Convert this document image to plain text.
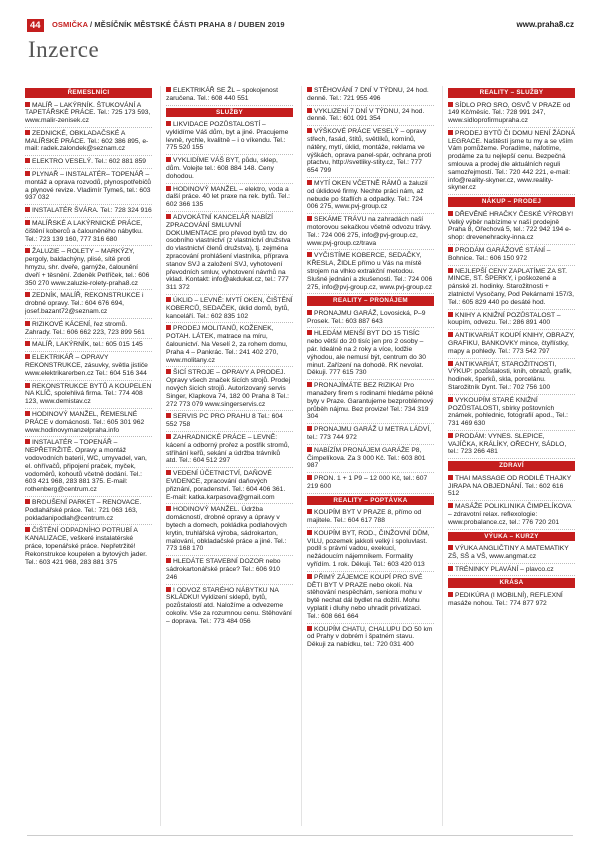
44	OSMIČKA / MĚSÍČNÍK MĚSTSKÉ ČÁSTI PRAHA 8 / DUBEN 2019	www.praha8.cz
Inzerce
ŘEMESLNÍCI
MALÍŘ – LAKÝRNÍK. ŠTUKOVÁNÍ A TAPETÁŘSKÉ PRÁCE. Tel.: 725 173 593, www.malir-zenisek.cz
ZEDNICKÉ, OBKLADAČSKÉ A MALÍŘSKÉ PRÁCE. Tel.: 602 386 895, e-mail: radek.zalondek@seznam.cz
ELEKTRO VESELÝ. Tel.: 602 881 859
PLYNAŘ – INSTALATÉR– TOPENÁŘ – montáž a oprava rozvodů, plynospotřebičů a plynové revize. Vladimír Tymeš, tel.: 603 937 032
INSTALATÉR ŠVÁRA. Tel.: 728 324 916
MALÍŘSKÉ A LAKÝRNICKÉ PRÁCE, čištění koberců a čalouněného nábytku. Tel.: 723 139 160, 777 316 680
ŽALUZIE – ROLETY – MARKÝZY, pergoly, baldachýny, plisé, sítě proti hmyzu, shr. dveře, garnýže, čalounění dveří + těsnění. Zdeněk Petříček, tel.: 606 350 270 www.zaluzie-rolety-praha8.cz
ZEDNÍK, MALÍŘ, REKONSTRUKCE i drobné opravy. Tel.: 604 676 694, josef.bazant72@seznam.cz
RIZIKOVÉ KÁCENÍ, řez stromů. Zahrady. Tel.: 606 662 223, 723 899 561
MALÍŘ, LAKÝRNÍK, tel.: 605 015 145
ELEKTRIKÁŘ – OPRAVY REKONSTRUKCE, zásuvky, světla jističe www.elektrikarerben.cz Tel.: 604 516 344
REKONSTRUKCE BYTŮ A KOUPELEN NA KLÍČ, spolehlivá firma. Tel.: 774 408 123, www.demistav.cz
HODINOVÝ MANŽEL, ŘEMESLNÉ PRÁCE v domácnosti. Tel.: 605 301 962 www.hodinovymanzelpraha.info
INSTALATÉR – TOPENÁŘ – NEPŘETRŽITĚ. Opravy a montáž vodovodních baterií, WC, umyvadel, van, el. ohřívačů, připojení praček, myček, vodoměrů, kohoutů včetně dodání. Tel.: 603 421 968, 283 881 375. E-mail: rothenberg@centrum.cz
BROUŠENÍ PARKET – RENOVACE. Podlahářské práce. Tel.: 721 063 163, pokladanipodlah@centrum.cz
ČIŠTĚNÍ ODPADNÍHO POTRUBÍ A KANALIZACE, veškeré instalatérské práce, topenářské práce. Nepřetržité! Rekonstrukce koupelen a bytových jader. Tel.: 603 421 968, 283 881 375
ELEKTRIKÁŘ SE ŽL – spokojenost zaručena. Tel.: 608 440 551
SLUŽBY
LIKVIDACE POZŮSTALOSTÍ – vyklidíme Váš dům, byt a jiné. Pracujeme levně, rychle, kvalitně – i o víkendu. Tel.: 775 520 155
VYKLIDÍME VÁŠ BYT, půdu, sklep, dům. Volejte tel.: 608 884 148. Ceny dohodou.
HODINOVÝ MANŽEL – elektro, voda a další práce. 40 let praxe na rek. bytů. Tel.: 602 366 135
ADVOKÁTNÍ KANCELÁŘ NABÍZÍ ZPRACOVÁNÍ SMLUVNÍ DOKUMENTACE pro převod bytů tzv. do osobního vlastnictví (z vlastnictví družstva do vlastnictví členů družstva), tj. zejména zpracování prohlášení vlastníka, příprava stanov SVJ a založení SVJ, vyhotovení převodních smluv, vyhotovení návrhů na vklad. Kontakt: info@akdukat.cz, tel.: 777 311 372
ÚKLID – LEVNĚ: MYTÍ OKEN, ČIŠTĚNÍ KOBERCŮ, SEDAČEK, úklid domů, bytů, kanceláří. Tel.: 602 835 102
PRODEJ MOLITANŮ, KOŽENEK, POTAH. LÁTEK, matrace na míru, čalounictví. Na Veselí 2, za rohem domu, Praha 4 – Pankrác. Tel.: 241 402 270, www.molitany.cz
ŠICÍ STROJE – OPRAVY A PRODEJ. Opravy všech značek šicích strojů. Prodej nových šicích strojů. Autorizovaný servis Singer, Klapkova 74, 182 00 Praha 8 Tel.: 272 773 079 www.singerservis.cz
SERVIS PC PRO PRAHU 8 Tel.: 604 552 758
ZAHRADNICKÉ PRÁCE – LEVNĚ: kácení a odborný prořez a postřik stromů, stříhání keřů, sekání a údržba trávníků atd. Tel.: 604 512 297
VEDENÍ ÚČETNICTVÍ, DAŇOVÉ EVIDENCE, zpracování daňových přiznání, poradenství. Tel.: 604 406 361. E-mail: katka.karpasova@gmail.com
HODINOVÝ MANŽEL. Údržba domácností, drobné opravy a úpravy v bytech a domech, pokládka podlahových krytin, truhlářská výroba, sádrokarton, malování, obkladačské práce a jiné. Tel.: 773 168 170
HLEDÁTE STAVEBNÍ DOZOR nebo sádrokartonářské práce? Tel.: 606 910 246
! ODVOZ STARÉHO NÁBYTKU NA SKLÁDKU! Vyklizení sklepů, bytů, pozůstalostí atd. Naložíme a odvezeme cokoliv. Vše za rozumnou cenu. Stěhování – doprava. Tel.: 773 484 056
STĚHOVÁNÍ 7 DNÍ V TÝDNU, 24 hod. denně. Tel.: 721 955 496
VYKLIZENÍ 7 DNÍ V TÝDNU, 24 hod. denně. Tel.: 601 091 354
VÝŠKOVÉ PRÁCE VESELÝ – opravy střech, fasád, štítů, světlíků, komínů, nátěry, mytí, úklid, montáže, reklama ve výškách, oprava panel-spár, ochrana proti ptactvu, http://svetliky-stity.cz, Tel.: 777 654 799
MYTÍ OKEN VČETNĚ RÁMŮ a žaluzií od úklidové firmy. Nechte práci nám, až nebude po štaflích a odpadky. Tel.: 724 006 275, www.pvj-group.cz
SEKÁME TRÁVU na zahradách naší motorovou sekačkou včetně odvozu trávy. Tel.: 724 006 275, info@pvj-group.cz, www.pvj-group.cz/trava
VYČISTÍME KOBERCE, SEDAČKY, KŘESLA, ŽIDLE přímo u Vás na místě strojem na vlhko extrakční metodou. Slušné jednání a zkušenosti. Tel.: 724 006 275, info@pvj-group.cz, www.pvj-group.cz
REALITY – PRONÁJEM
PRONAJMU GARÁŽ, Lovosická, P–9 Prosek. Tel.: 603 887 643
HLEDÁM MENŠÍ BYT DO 15 TISÍC nebo větší do 20 tisíc jen pro 2 osoby – pár. Ideálně na 2 roky a více, lodžie výhodou, ale nemusí být, centrum do 30 minut. Zařízení na dohodě. RK nevolat. Děkuji. 777 615 730
PRONAJÍMÁTE BEZ RIZIKA! Pro manažery firem s rodinami hledáme pěkné byty v Praze. Garantujeme bezproblémový průběh nájmu. Bez provize! Tel.: 734 319 304
PRONAJMU GARÁŽ U METRA LÁDVÍ, tel.: 773 744 972
NABÍZÍM PRONÁJEM GARÁŽE P8, Čimpelíkova. Za 3 000 Kč. Tel.: 603 801 987
PRON. 1 + 1 P9 – 12 000 Kč, tel.: 607 219 600
REALITY – POPTÁVKA
KOUPÍM BYT V PRAZE 8, přímo od majitele. Tel.: 604 617 788
KOUPÍM BYT, ROD., ČINŽOVNÍ DŮM, VILU, pozemek jakkoli velký i spoluvlast. podíl s právní vadou, exekucí, nežádoucím nájemníkem. Formality vyřídím. 1 rok. Děkuji. Tel.: 603 420 013
PŘIMÝ ZÁJEMCE KOUPÍ PRO SVÉ DĚTI BYT V PRAZE nebo okolí. Na stěhování nespěchám, seniora mohu v bytě nechat dál bydlet na dožití. Mohu vyplatit i dluhy nebo uhradit privatizaci. Tel.: 608 661 664
KOUPÍM CHATU, CHALUPU DO 50 km od Prahy v dobrém i špatném stavu. Děkuji za nabídku, tel.: 720 031 400
REALITY – SLUŽBY
SÍDLO PRO SRO, OSVČ V PRAZE od 149 Kč/měsíc. Tel.: 728 991 247, www.sidloprofirmupraha.cz
PRODEJ BYTŮ ČI DOMU NENÍ ŽÁDNÁ LEGRACE. Naštěstí jsme tu my a se vším Vám pomůžeme. Poradíme, nafotíme, prodáme za tu nejlepší cenu. Bezpečná smlouva a prodej dle aktuálních reguli samozřejmostí. Tel.: 720 442 221, e-mail: info@reality-skyner.cz, www.reality-skyner.cz
NÁKUP – PRODEJ
DŘEVĚNÉ HRAČKY ČESKÉ VÝROBY! Velký výběr nabízíme v naší prodejně Praha 8, Ořechová 5, tel.: 722 942 194 e-shop: drevenehracky-inna.cz
PRODÁM GARÁŽOVÉ STÁNÍ – Bohnice. Tel.: 606 150 972
NEJLEPŠÍ CENY ZAPLATÍME ZA ST. MINCE, ST. ŠPERKY, i poškozené a pánské zl. hodinky. Starožitnosti + zlatnictví Vysočany, Pod Pekárnami 157/3, Tel.: 605 829 440 po desáté hod.
KNIHY A KNIŽNÍ POZŮSTALOST – koupím, odvezu. Tel.: 286 891 400
ANTIKVARIÁT KOUPÍ KNIHY, OBRAZY, GRAFIKU, BANKOVKY mince, čtyřlístky, mapy a pohledy. Tel.: 773 542 797
ANTIKVARIÁT, STAROŽITNOSTI, VÝKUP: pozůstalosti, knih, obrazů, grafik, hodinek, šperků, skla, porcelánu. Starožitník Dynt. Tel.: 702 756 100
VYKOUPÍM STARÉ KNIŽNÍ POZŮSTALOSTI, sbírky poštovních známek, pohlednic, fotografií apod., Tel.: 731 469 630
PRODÁM: VYNES. SLEPICE, VAJÍČKA, KRÁLÍKY, OŘECHY, SÁDLO, tel.: 723 266 481
ZDRAVÍ
THAI MASSAGE OD RODILÉ THAJKY JIRAPA NA OBJEDNÁNÍ. Tel.: 602 616 512
MASÁŽE POLIKLINIKA ČIMPELÍKOVA – zdravotní relax. reflexologie: www.probalance.cz, tel.: 776 720 201
VÝUKA – KURZY
VÝUKA ANGLIČTINY A MATEMATIKY ZŠ, SŠ a VŠ, www.angmat.cz
TRÉNINKY PLAVÁNÍ – plavco.cz
KRÁSA
PEDIKÚRA (I MOBILNÍ), REFLEXNÍ masáže nohou. Tel.: 774 877 972
